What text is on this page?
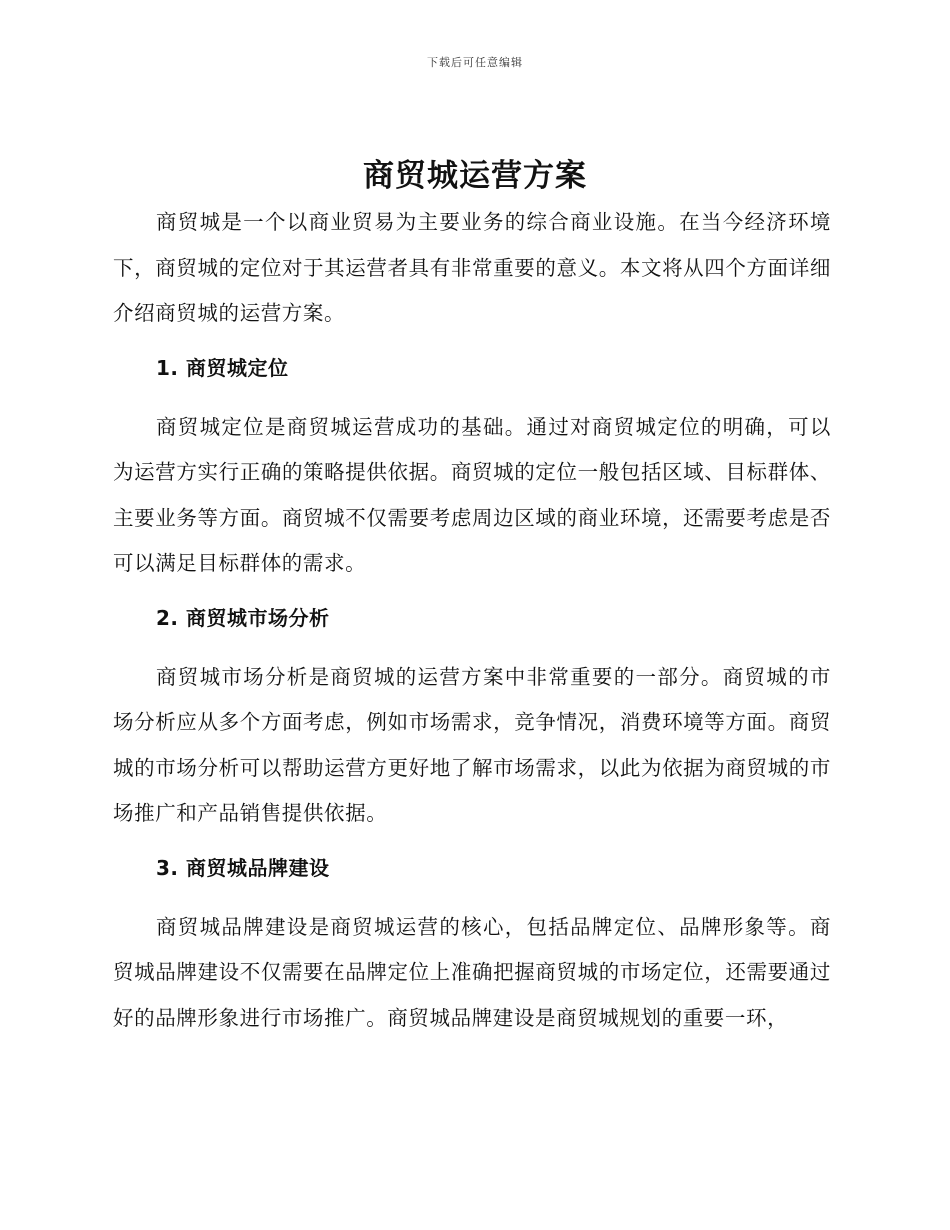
下载后可任意编辑
商贸城运营方案

商贸城是一个以商业贸易为主要业务的综合商业设施。在当今经济环境下，商贸城的定位对于其运营者具有非常重要的意义。本文将从四个方面详细介绍商贸城的运营方案。

1. 商贸城定位

商贸城定位是商贸城运营成功的基础。通过对商贸城定位的明确，可以为运营方实行正确的策略提供依据。商贸城的定位一般包括区域、目标群体、主要业务等方面。商贸城不仅需要考虑周边区域的商业环境，还需要考虑是否可以满足目标群体的需求。

2. 商贸城市场分析

商贸城市场分析是商贸城的运营方案中非常重要的一部分。商贸城的市场分析应从多个方面考虑，例如市场需求，竞争情况，消费环境等方面。商贸城的市场分析可以帮助运营方更好地了解市场需求，以此为依据为商贸城的市场推广和产品销售提供依据。

3. 商贸城品牌建设

商贸城品牌建设是商贸城运营的核心，包括品牌定位、品牌形象等。商贸城品牌建设不仅需要在品牌定位上准确把握商贸城的市场定位，还需要通过好的品牌形象进行市场推广。商贸城品牌建设是商贸城规划的重要一环，
